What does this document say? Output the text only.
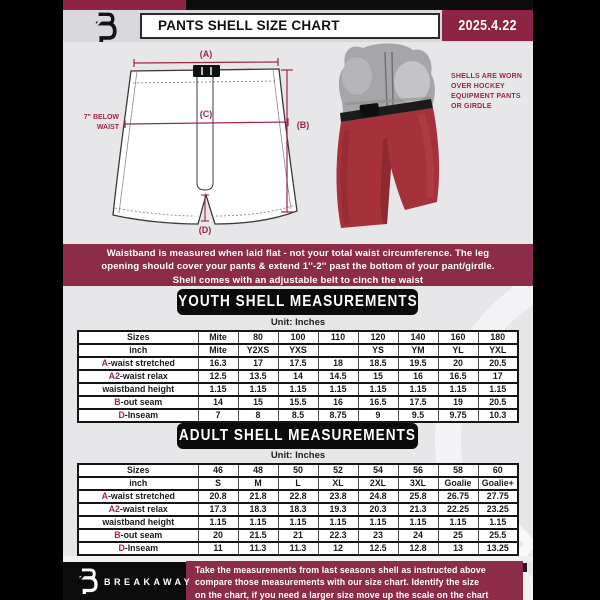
PANTS SHELL SIZE CHART	2025.4.22
(A)
(C)
(B)
(D)
7" BELOW
WAIST
SHELLS ARE WORN
OVER HOCKEY
EQUIPMENT PANTS
OR GIRDLE
Waistband is measured when laid flat - not your total waist circumference. The leg
opening should cover your pants & extend 1''-2'' past the bottom of your pant/girdle.
Shell comes with an adjustable belt to cinch the waist
YOUTH SHELL MEASUREMENTS
Unit: Inches
Sizes	Mite	80	100	110	120	140	160	180
inch	Mite	Y2XS	YXS		YS	YM	YL	YXL
A-waist stretched	16.3	17	17.5	18	18.5	19.5	20	20.5
A2-waist relax	12.5	13.5	14	14.5	15	16	16.5	17
waistband height	1.15	1.15	1.15	1.15	1.15	1.15	1.15	1.15
B-out seam	14	15	15.5	16	16.5	17.5	19	20.5
D-Inseam	7	8	8.5	8.75	9	9.5	9.75	10.3
ADULT SHELL MEASUREMENTS
Unit: Inches
Sizes	46	48	50	52	54	56	58	60
inch	S	M	L	XL	2XL	3XL	Goalie	Goalie+
A-waist stretched	20.8	21.8	22.8	23.8	24.8	25.8	26.75	27.75
A2-waist relax	17.3	18.3	18.3	19.3	20.3	21.3	22.25	23.25
waistband height	1.15	1.15	1.15	1.15	1.15	1.15	1.15	1.15
B-out seam	20	21.5	21	22.3	23	24	25	25.5
D-Inseam	11	11.3	11.3	12	12.5	12.8	13	13.25
BREAKAWAY
Take the measurements from last seasons shell as instructed above
compare those measurements with our size chart. Identify the size
on the chart, if you need a larger size move up the scale on the chart
